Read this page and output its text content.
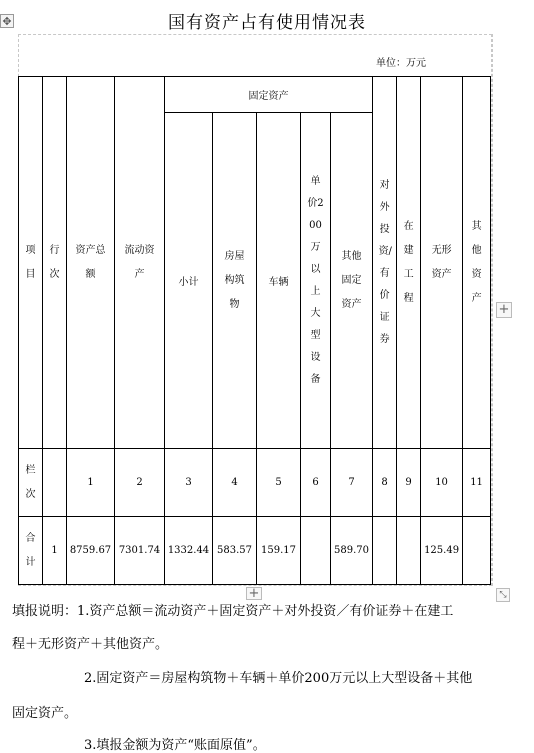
✥	国有资产占有使用情况表
单位：万元
项目	行次	资产总额	流动资产	固定资产					对外投资/有价证券	在建工程	无形资产	其他资产

				小计	房屋构筑物	车辆	单价200万以上大型设备	其他固定资产				

栏次		1	2	3	4	5	6	7	8	9	10	11

合计	1	8759.67	7301.74	1332.44	583.57	159.17		589.70			125.49	
+
+	⤡
填报说明：1.资产总额＝流动资产＋固定资产＋对外投资／有价证券＋在建工
程＋无形资产＋其他资产。
2.固定资产＝房屋构筑物＋车辆＋单价200万元以上大型设备＋其他
固定资产。
3.填报金额为资产“账面原值”。
